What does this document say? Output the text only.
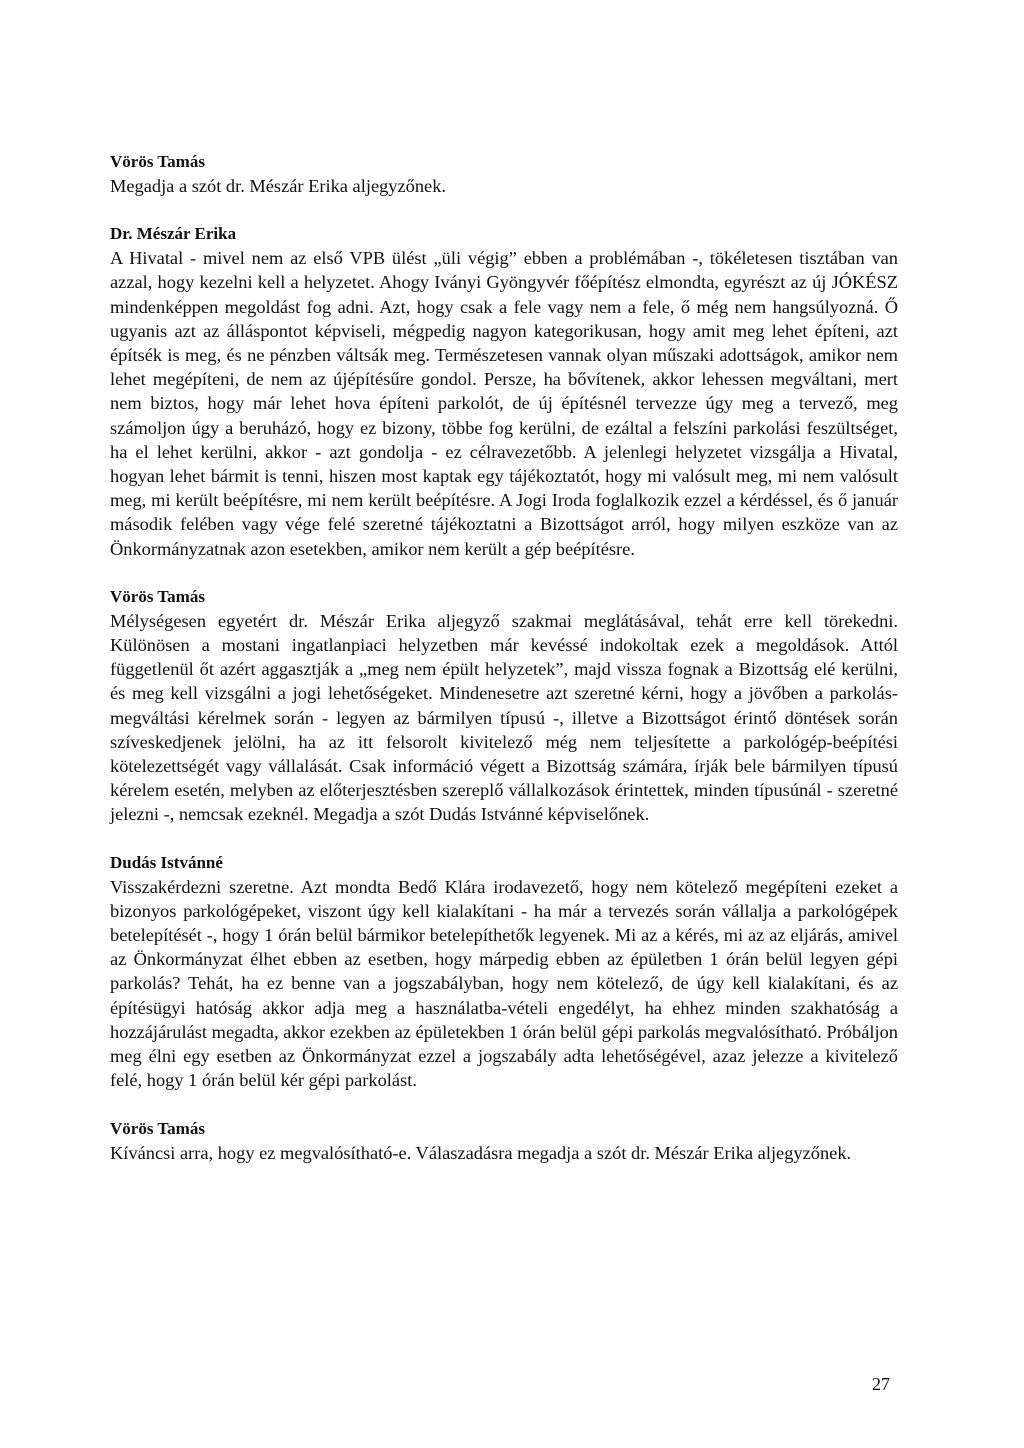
Vörös Tamás

Megadja a szót dr. Mészár Erika aljegyzőnek.

Dr. Mészár Erika

A Hivatal - mivel nem az első VPB ülést „üli végig” ebben a problémában -, tökéletesen tisztában van azzal, hogy kezelni kell a helyzetet. Ahogy Iványi Gyöngyvér főépítész elmondta, egyrészt az új JÓKÉSZ mindenképpen megoldást fog adni. Azt, hogy csak a fele vagy nem a fele, ő még nem hangsúlyozná. Ő ugyanis azt az álláspontot képviseli, mégpedig nagyon kategorikusan, hogy amit meg lehet építeni, azt építsék is meg, és ne pénzben váltsák meg. Természetesen vannak olyan műszaki adottságok, amikor nem lehet megépíteni, de nem az újépítésűre gondol. Persze, ha bővítenek, akkor lehessen megváltani, mert nem biztos, hogy már lehet hova építeni parkolót, de új építésnél tervezze úgy meg a tervező, meg számoljon úgy a beruházó, hogy ez bizony, többe fog kerülni, de ezáltal a felszíni parkolási feszültséget, ha el lehet kerülni, akkor - azt gondolja - ez célravezetőbb. A jelenlegi helyzetet vizsgálja a Hivatal, hogyan lehet bármit is tenni, hiszen most kaptak egy tájékoztatót, hogy mi valósult meg, mi nem valósult meg, mi került beépítésre, mi nem került beépítésre. A Jogi Iroda foglalkozik ezzel a kérdéssel, és ő január második felében vagy vége felé szeretné tájékoztatni a Bizottságot arról, hogy milyen eszköze van az Önkormányzatnak azon esetekben, amikor nem került a gép beépítésre.

Vörös Tamás

Mélységesen egyetért dr. Mészár Erika aljegyző szakmai meglátásával, tehát erre kell törekedni. Különösen a mostani ingatlanpiaci helyzetben már kevéssé indokoltak ezek a megoldások. Attól függetlenül őt azért aggasztják a „meg nem épült helyzetek”, majd vissza fognak a Bizottság elé kerülni, és meg kell vizsgálni a jogi lehetőségeket. Mindenesetre azt szeretné kérni, hogy a jövőben a parkolás-megváltási kérelmek során - legyen az bármilyen típusú -, illetve a Bizottságot érintő döntések során szíveskedjenek jelölni, ha az itt felsorolt kivitelező még nem teljesítette a parkológép-beépítési kötelezettségét vagy vállalását. Csak információ végett a Bizottság számára, írják bele bármilyen típusú kérelem esetén, melyben az előterjesztésben szereplő vállalkozások érintettek, minden típusúnál - szeretné jelezni -, nemcsak ezeknél. Megadja a szót Dudás Istvánné képviselőnek.

Dudás Istvánné

Visszakérdezni szeretne. Azt mondta Bedő Klára irodavezető, hogy nem kötelező megépíteni ezeket a bizonyos parkológépeket, viszont úgy kell kialakítani - ha már a tervezés során vállalja a parkológépek betelepítését -, hogy 1 órán belül bármikor betelepíthetők legyenek. Mi az a kérés, mi az az eljárás, amivel az Önkormányzat élhet ebben az esetben, hogy márpedig ebben az épületben 1 órán belül legyen gépi parkolás? Tehát, ha ez benne van a jogszabályban, hogy nem kötelező, de úgy kell kialakítani, és az építésügyi hatóság akkor adja meg a használatba-vételi engedélyt, ha ehhez minden szakhatóság a hozzájárulást megadta, akkor ezekben az épületekben 1 órán belül gépi parkolás megvalósítható. Próbáljon meg élni egy esetben az Önkormányzat ezzel a jogszabály adta lehetőségével, azaz jelezze a kivitelező felé, hogy 1 órán belül kér gépi parkolást.

Vörös Tamás

Kíváncsi arra, hogy ez megvalósítható-e. Válaszadásra megadja a szót dr. Mészár Erika aljegyzőnek.

27
